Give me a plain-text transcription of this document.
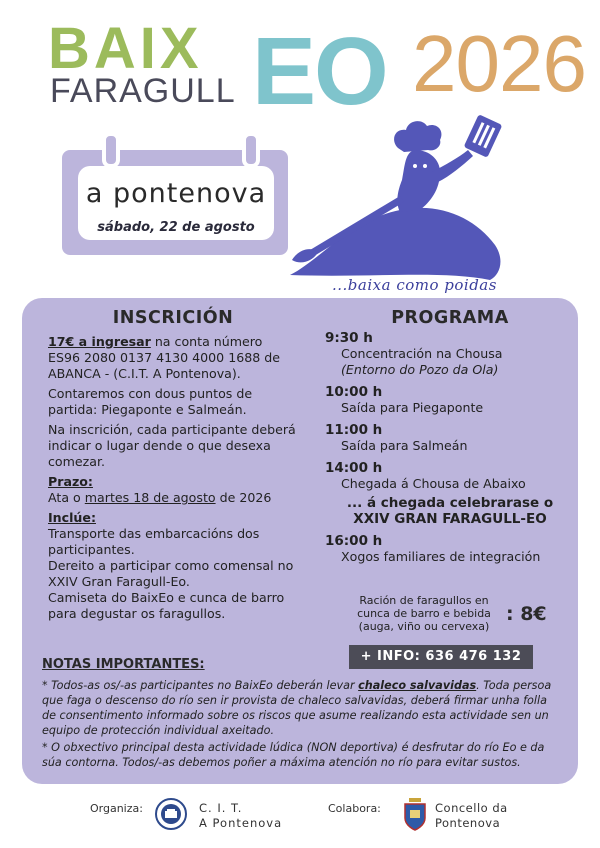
BAIX
FARAGULL EO 2026
a pontenova
sábado, 22 de agosto
...baixa como poidas

INSCRICIÓN

17€ a ingresar na conta número ES96 2080 0137 4130 4000 1688 de ABANCA - (C.I.T. A Pontenova).

Contaremos con dous puntos de partida: Piegaponte e Salmeán.

Na inscrición, cada participante deberá indicar o lugar dende o que desexa comezar.

Prazo:

Ata o martes 18 de agosto de 2026

Inclúe:

Transporte das embarcacións dos participantes.

Dereito a participar como comensal no XXIV Gran Faragull-Eo.

Camiseta do BaixEo e cunca de barro para degustar os faragullos.

PROGRAMA

9:30 h

Concentración na Chousa

(Entorno do Pozo da Ola)

10:00 h

Saída para Piegaponte

11:00 h

Saída para Salmeán

14:00 h

Chegada á Chousa de Abaixo

... á chegada celebrarase o

XXIV GRAN FARAGULL-EO

16:00 h

Xogos familiares de integración

Ración de faragullos en cunca de barro e bebida (auga, viño ou cervexa)

: 8€
+ INFO: 636 476 132
NOTAS IMPORTANTES:

* Todos-as os/-as participantes no BaixEo deberán levar chaleco salvavidas. Toda persoa que faga o descenso do río sen ir provista de chaleco salvavidas, deberá firmar unha folla de consentimento informado sobre os riscos que asume realizando esta actividade sen un equipo de protección individual axeitado.

* O obxectivo principal desta actividade lúdica (NON deportiva) é desfrutar do río Eo e da súa contorna. Todos/-as debemos poñer a máxima atención no río para evitar sustos.

Organiza:	C. I. T.
A Pontenova
Colabora:	Concello da
Pontenova
